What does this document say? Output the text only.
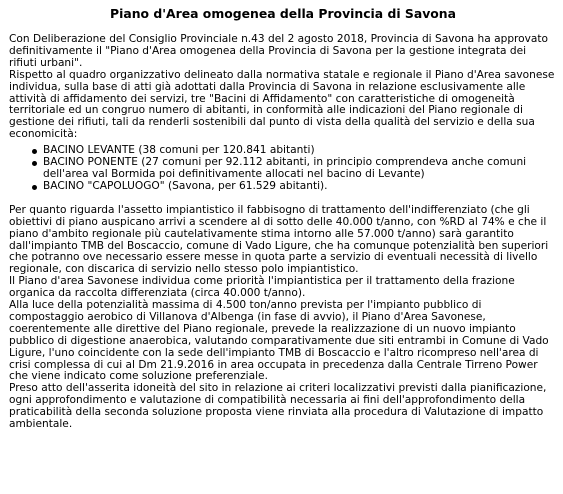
Piano d'Area omogenea della Provincia di Savona

Con Deliberazione del Consiglio Provinciale n.43 del 2 agosto 2018, Provincia di Savona ha approvato definitivamente il "Piano d'Area omogenea della Provincia di Savona per la gestione integrata dei rifiuti urbani".

Rispetto al quadro organizzativo delineato dalla normativa statale e regionale il Piano d'Area savonese individua, sulla base di atti già adottati dalla Provincia di Savona in relazione esclusivamente alle attività di affidamento dei servizi, tre "Bacini di Affidamento" con caratteristiche di omogeneità territoriale ed un congruo numero di abitanti, in conformità alle indicazioni del Piano regionale di gestione dei rifiuti, tali da renderli sostenibili dal punto di vista della qualità del servizio e della sua economicità:

BACINO LEVANTE (38 comuni per 120.841 abitanti)
BACINO PONENTE (27 comuni per 92.112 abitanti, in principio comprendeva anche comuni dell'area val Bormida poi definitivamente allocati nel bacino di Levante)
BACINO "CAPOLUOGO" (Savona, per 61.529 abitanti).

Per quanto riguarda l'assetto impiantistico il fabbisogno di trattamento dell'indifferenziato (che gli obiettivi di piano auspicano arrivi a scendere al di sotto delle 40.000 t/anno, con %RD al 74% e che il piano d'ambito regionale più cautelativamente stima intorno alle 57.000 t/anno) sarà garantito dall'impianto TMB del Boscaccio, comune di Vado Ligure, che ha comunque potenzialità ben superiori che potranno ove necessario essere messe in quota parte a servizio di eventuali necessità di livello regionale, con discarica di servizio nello stesso polo impiantistico.

Il Piano d'area Savonese individua come priorità l'impiantistica per il trattamento della frazione organica da raccolta differenziata (circa 40.000 t/anno).

Alla luce della potenzialità massima di 4.500 ton/anno prevista per l'impianto pubblico di compostaggio aerobico di Villanova d'Albenga (in fase di avvio), il Piano d'Area Savonese, coerentemente alle direttive del Piano regionale, prevede la realizzazione di un nuovo impianto pubblico di digestione anaerobica, valutando comparativamente due siti entrambi in Comune di Vado Ligure, l'uno coincidente con la sede dell'impianto TMB di Boscaccio e l'altro ricompreso nell'area di crisi complessa di cui al Dm 21.9.2016 in area occupata in precedenza dalla Centrale Tirreno Power che viene indicato come soluzione preferenziale.

Preso atto dell'asserita idoneità del sito in relazione ai criteri localizzativi previsti dalla pianificazione, ogni approfondimento e valutazione di compatibilità necessaria ai fini dell'approfondimento della praticabilità della seconda soluzione proposta viene rinviata alla procedura di Valutazione di impatto ambientale.
